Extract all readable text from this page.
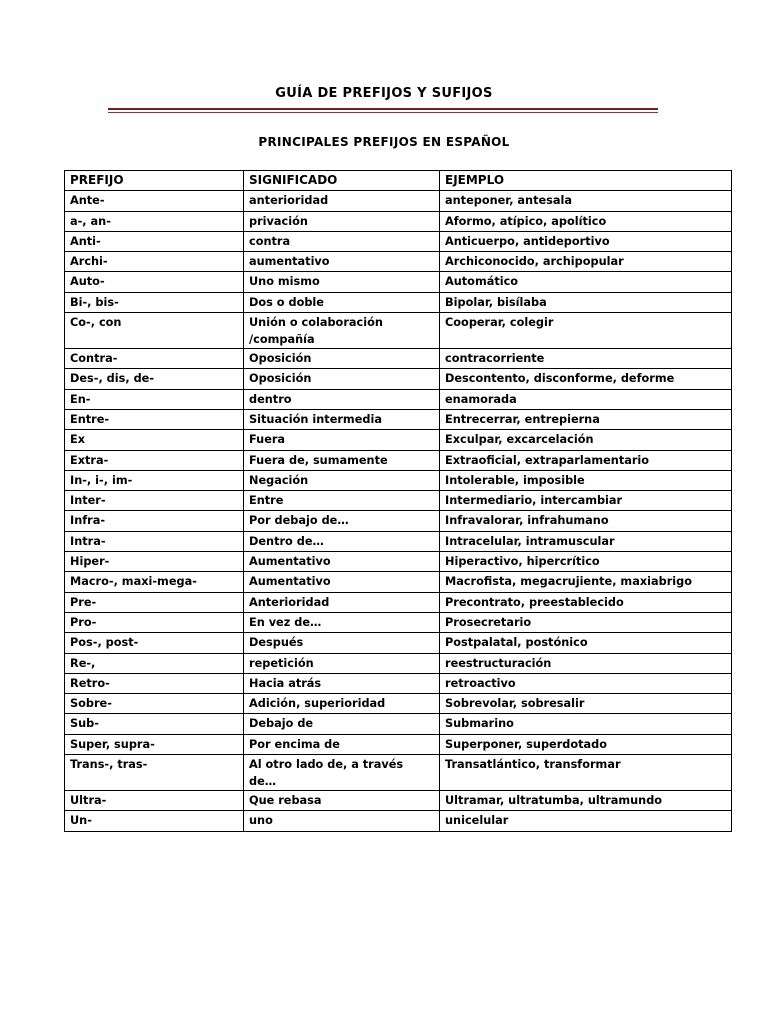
GUÍA DE PREFIJOS Y SUFIJOS
PRINCIPALES PREFIJOS EN ESPAÑOL
PREFIJO	SIGNIFICADO	EJEMPLO
Ante-	anterioridad	anteponer, antesala
a-, an-	privación	Aformo, atípico, apolítico
Anti-	contra	Anticuerpo, antideportivo
Archi-	aumentativo	Archiconocido, archipopular
Auto-	Uno mismo	Automático
Bi-, bis-	Dos o doble	Bipolar, bisílaba
Co-, con	Unión o colaboración /compañía	Cooperar, colegir
Contra-	Oposición	contracorriente
Des-, dis, de-	Oposición	Descontento, disconforme, deforme
En-	dentro	enamorada
Entre-	Situación intermedia	Entrecerrar, entrepierna
Ex	Fuera	Exculpar, excarcelación
Extra-	Fuera de, sumamente	Extraoficial, extraparlamentario
In-, i-, im-	Negación	Intolerable, imposible
Inter-	Entre	Intermediario, intercambiar
Infra-	Por debajo de…	Infravalorar, infrahumano
Intra-	Dentro de…	Intracelular, intramuscular
Hiper-	Aumentativo	Hiperactivo, hipercrítico
Macro-, maxi-mega-	Aumentativo	Macrofista, megacrujiente, maxiabrigo
Pre-	Anterioridad	Precontrato, preestablecido
Pro-	En vez de…	Prosecretario
Pos-, post-	Después	Postpalatal, postónico
Re-,	repetición	reestructuración
Retro-	Hacia atrás	retroactivo
Sobre-	Adición, superioridad	Sobrevolar, sobresalir
Sub-	Debajo de	Submarino
Super, supra-	Por encima de	Superponer, superdotado
Trans-, tras-	Al otro lado de, a través de…	Transatlántico, transformar
Ultra-	Que rebasa	Ultramar, ultratumba, ultramundo
Un-	uno	unicelular
